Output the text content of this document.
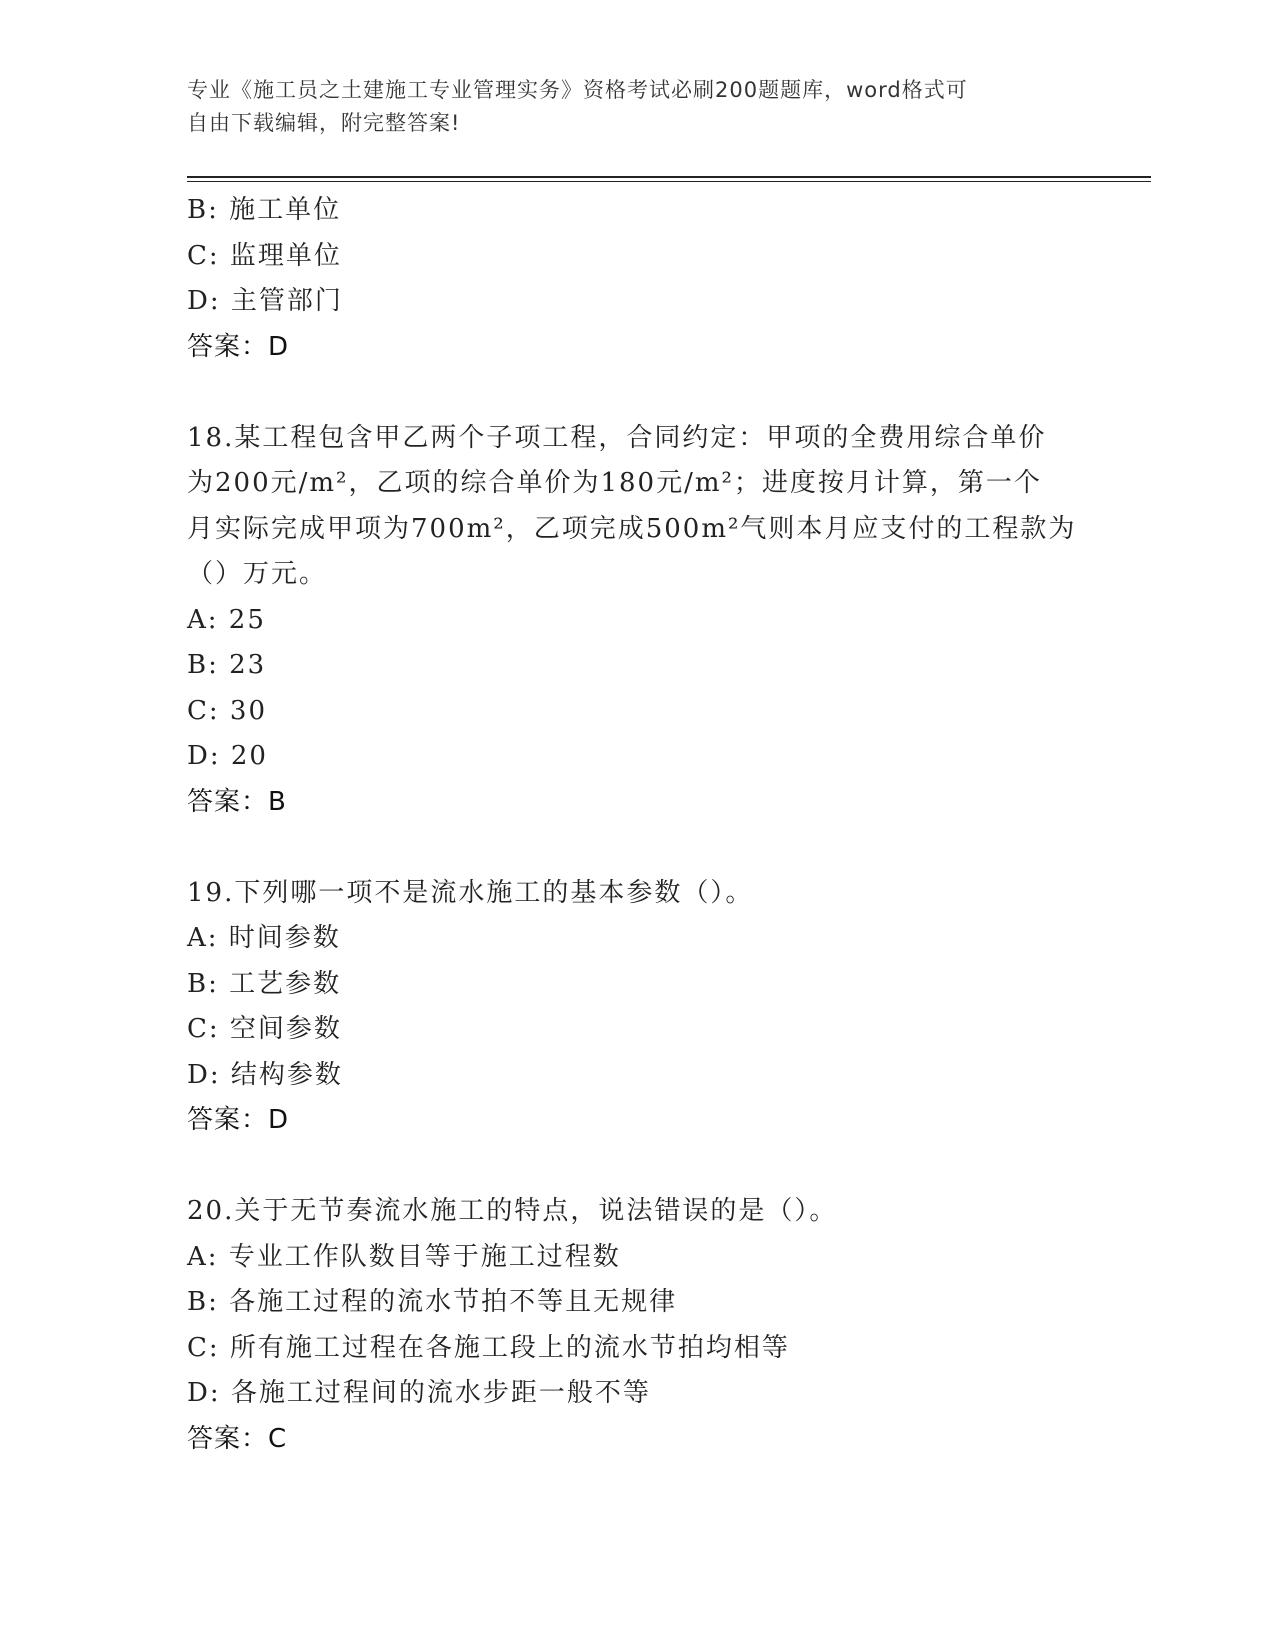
专业《施工员之土建施工专业管理实务》资格考试必刷200题题库，word格式可
自由下载编辑，附完整答案!
B: 施工单位
C: 监理单位
D: 主管部门
答案：D
18.某工程包含甲乙两个子项工程，合同约定：甲项的全费用综合单价
为200元/m²，乙项的综合单价为180元/m²；进度按月计算，第一个
月实际完成甲项为700m²，乙项完成500m²气则本月应支付的工程款为
（）万元。
A: 25
B: 23
C: 30
D: 20
答案：B
19.下列哪一项不是流水施工的基本参数（）。
A: 时间参数
B: 工艺参数
C: 空间参数
D: 结构参数
答案：D
20.关于无节奏流水施工的特点，说法错误的是（）。
A: 专业工作队数目等于施工过程数
B: 各施工过程的流水节拍不等且无规律
C: 所有施工过程在各施工段上的流水节拍均相等
D: 各施工过程间的流水步距一般不等
答案：C
